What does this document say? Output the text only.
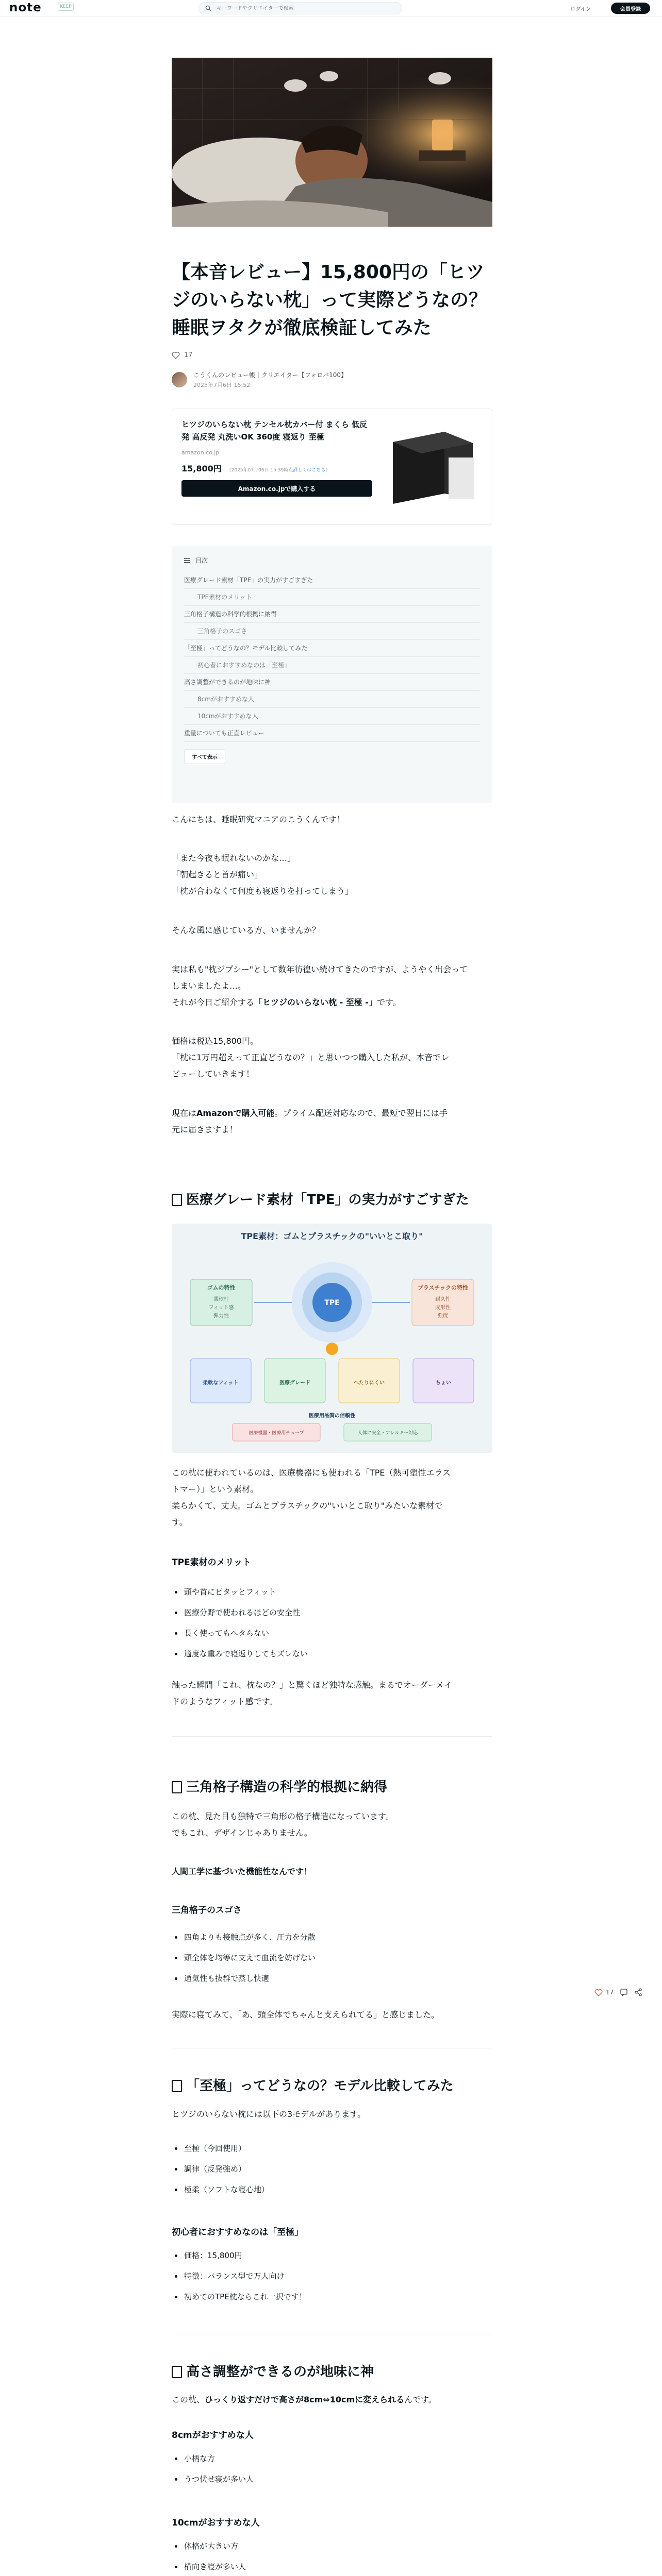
note	KEEP
キーワードやクリエイターで検索	ログイン	会員登録
【本音レビュー】15,800円の「ヒツジのいらない枕」って実際どうなの？睡眠ヲタクが徹底検証してみた
17
こうくんのレビュー帳｜クリエイター【フォロバ100】
2025年7月6日 15:52
ヒツジのいらない枕 テンセル枕カバー付 まくら 低反発 高反発 丸洗いOK 360度 寝返り 至極
amazon.co.jp
15,800円 （2025年07月06日 15:39時点詳しくはこちら）
Amazon.co.jpで購入する
目次
医療グレード素材「TPE」の実力がすごすぎた
TPE素材のメリット
三角格子構造の科学的根拠に納得
三角格子のスゴさ
「至極」ってどうなの？モデル比較してみた
初心者におすすめなのは「至極」
高さ調整ができるのが地味に神
8cmがおすすめな人
10cmがおすすめな人
重量についても正直レビュー
すべて表示
こんにちは、睡眠研究マニアのこうくんです！
「また今夜も眠れないのかな…」
「朝起きると首が痛い」
「枕が合わなくて何度も寝返りを打ってしまう」
そんな風に感じている方、いませんか？
実は私も"枕ジプシー"として数年彷徨い続けてきたのですが、ようやく出会って
しまいましたよ…。
それが今日ご紹介する「ヒツジのいらない枕 - 至極 -」です。
価格は税込15,800円。
「枕に1万円超えって正直どうなの？」と思いつつ購入した私が、本音でレ
ビューしていきます！
現在はAmazonで購入可能。プライム配送対応なので、最短で翌日には手
元に届きますよ！
医療グレード素材「TPE」の実力がすごすぎた
TPE素材：ゴムとプラスチックの"いいとこ取り"
ゴムの特性
柔軟性
フィット感
弾力性
プラスチックの特性
耐久性
成形性
強度
TPE
柔軟なフィット	医療グレード	へたりにくい	ちょい
医療用品質の信頼性
医療機器・医療用チューブ	人体に安全・アレルギー対応
この枕に使われているのは、医療機器にも使われる「TPE（熱可塑性エラス
トマー）」という素材。
柔らかくて、丈夫。ゴムとプラスチックの"いいとこ取り"みたいな素材で
す。
TPE素材のメリット
頭や首にピタッとフィット
医療分野で使われるほどの安全性
長く使ってもヘタらない
適度な重みで寝返りしてもズレない
触った瞬間「これ、枕なの？」と驚くほど独特な感触。まるでオーダーメイ
ドのようなフィット感です。
三角格子構造の科学的根拠に納得
この枕、見た目も独特で三角形の格子構造になっています。
でもこれ、デザインじゃありません。
人間工学に基づいた機能性なんです！
三角格子のスゴさ
四角よりも接触点が多く、圧力を分散
頭全体を均等に支えて血流を妨げない
通気性も抜群で蒸し快適
実際に寝てみて、「あ、頭全体でちゃんと支えられてる」と感じました。
「至極」ってどうなの？モデル比較してみた
ヒツジのいらない枕には以下の3モデルがあります。
至極（今回使用）
調律（反発強め）
極柔（ソフトな寝心地）
初心者におすすめなのは「至極」
価格：15,800円
特徴：バランス型で万人向け
初めてのTPE枕ならこれ一択です！
高さ調整ができるのが地味に神
この枕、ひっくり返すだけで高さが8cm⇔10cmに変えられるんです。
8cmがおすすめな人
小柄な方
うつ伏せ寝が多い人
10cmがおすすめな人
体格が大きい方
横向き寝が多い人
17
